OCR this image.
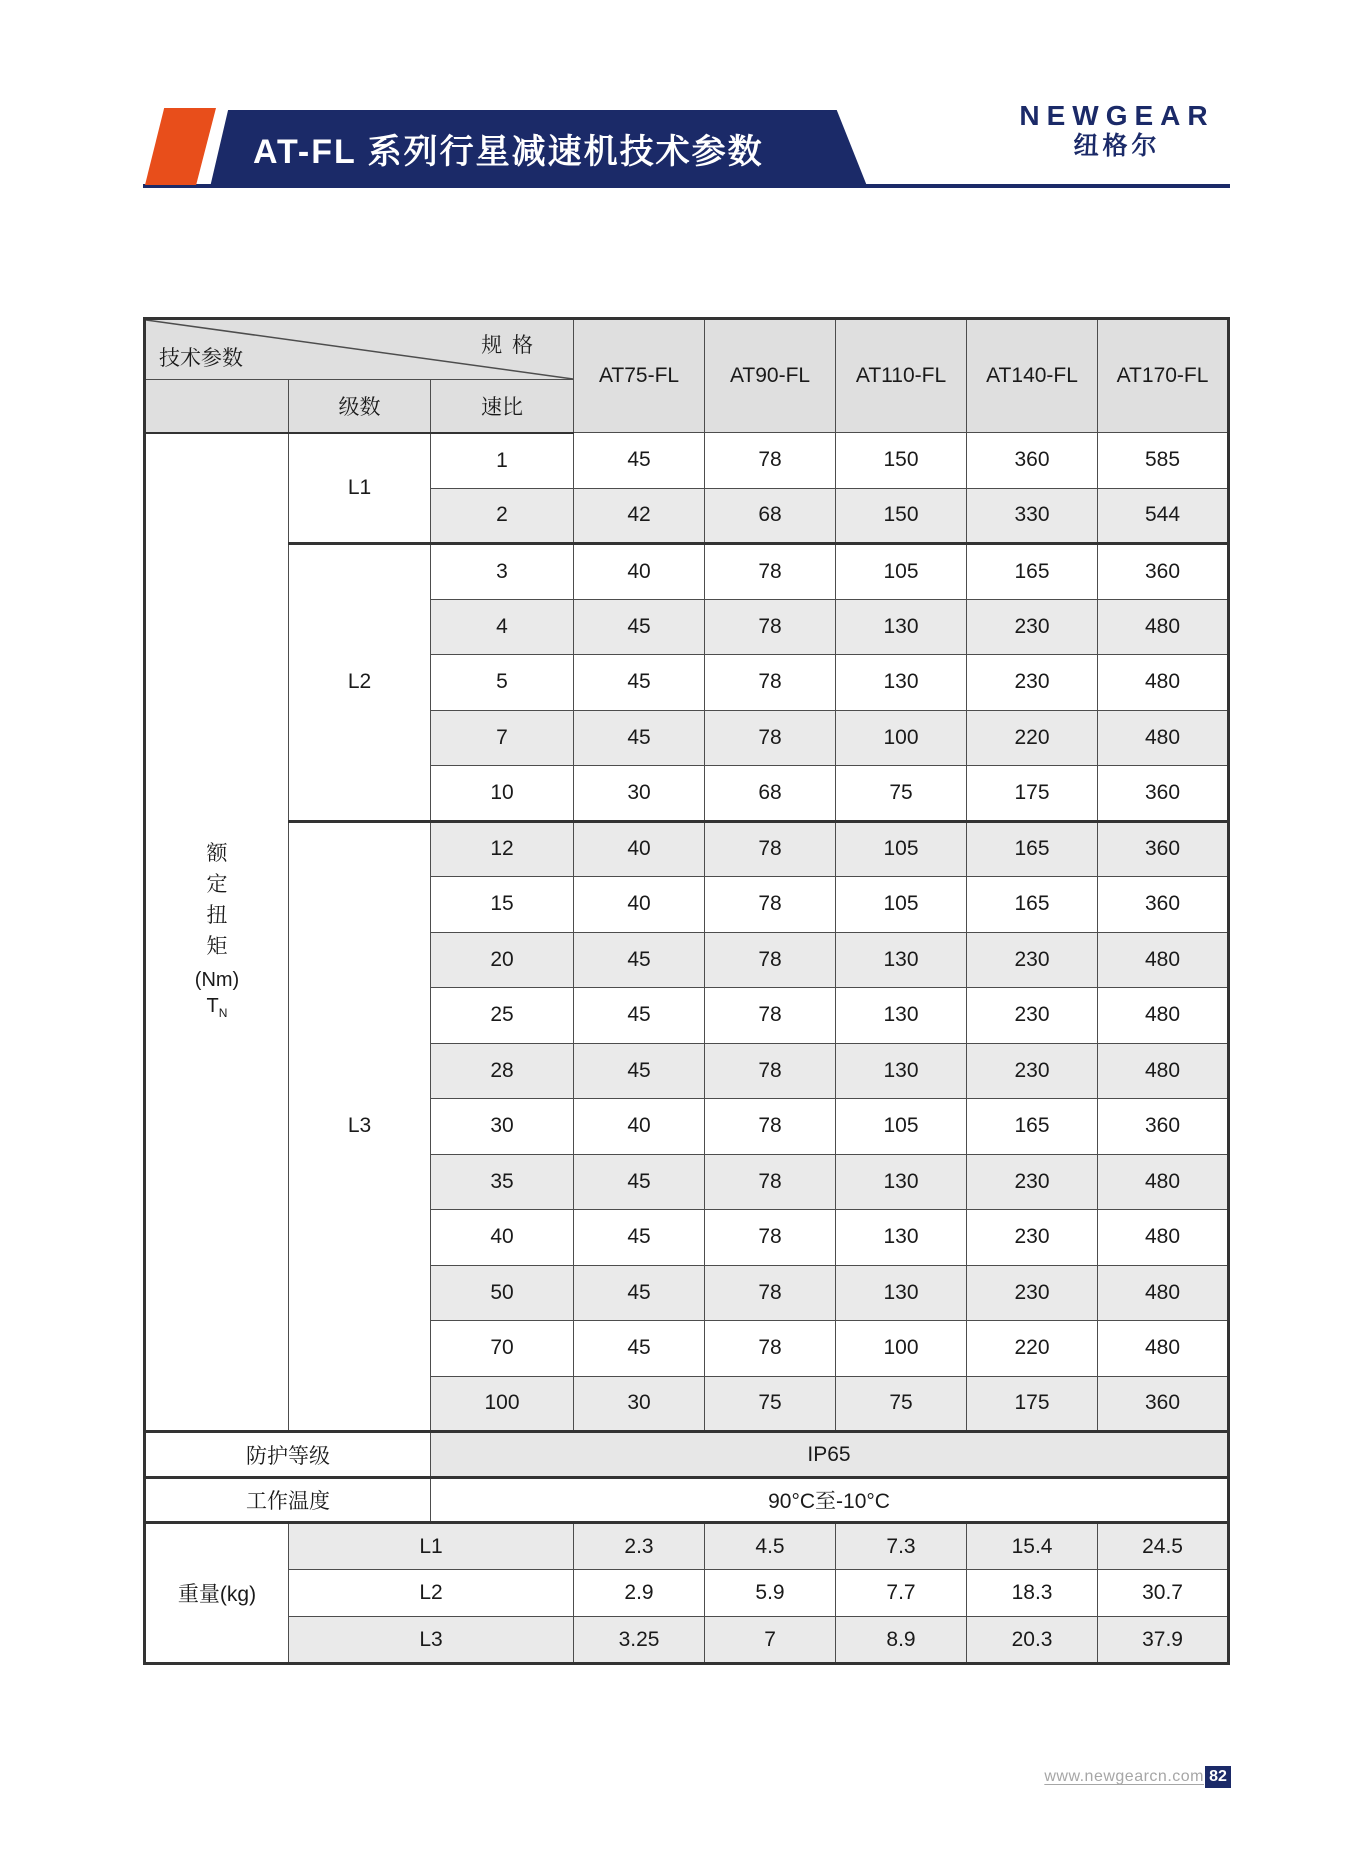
AT-FL 系列行星减速机技术参数
NEWGEAR
纽格尔
技术参数
规 格			AT75-FL	AT90-FL	AT110-FL	AT140-FL	AT170-FL
	级数	速比					

额
定
扭
矩
(Nm)
$T_N$
	L1	1	45	78	150	360	585
		2	42	68	150	330	544
	L2	3	40	78	105	165	360
		4	45	78	130	230	480
		5	45	78	130	230	480
		7	45	78	100	220	480
		10	30	68	75	175	360
	L3	12	40	78	105	165	360
		15	40	78	105	165	360
		20	45	78	130	230	480
		25	45	78	130	230	480
		28	45	78	130	230	480
		30	40	78	105	165	360
		35	45	78	130	230	480
		40	45	78	130	230	480
		50	45	78	130	230	480
		70	45	78	100	220	480
		100	30	75	75	175	360
防护等级		IP65					
工作温度		90°C至-10°C					
重量(kg)	L1		2.3	4.5	7.3	15.4	24.5
	L2		2.9	5.9	7.7	18.3	30.7
	L3		3.25	7	8.9	20.3	37.9
www.newgearcn.com 82
